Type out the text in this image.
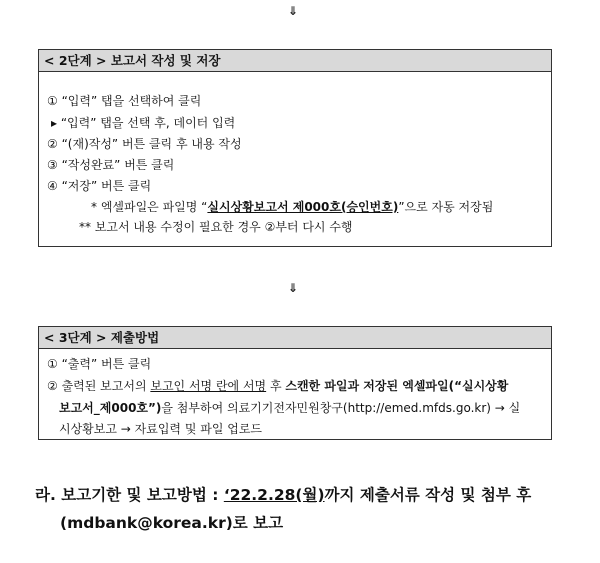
⇓
< 2단계 > 보고서 작성 및 저장
① “입력” 탭을 선택하여 클릭
▸ “입력” 탭을 선택 후, 데이터 입력
② “(재)작성” 버튼 클릭 후 내용 작성
③ “작성완료” 버튼 클릭
④ “저장” 버튼 클릭
* 엑셀파일은 파일명 “실시상황보고서 제000호(승인번호)”으로 자동 저장됨
** 보고서 내용 수정이 필요한 경우 ②부터 다시 수행
⇓
< 3단계 > 제출방법
① “출력” 버튼 클릭
② 출력된 보고서의 보고인 서명 란에 서명 후 스캔한 파일과 저장된 엑셀파일(“실시상황
보고서_제000호”)을 첨부하여 의료기기전자민원창구(http://emed.mfds.go.kr) → 실
시상황보고 → 자료입력 및 파일 업로드
라. 보고기한 및 보고방법 : ‘22.2.28(월)까지 제출서류 작성 및 첨부 후
(mdbank@korea.kr)로 보고
